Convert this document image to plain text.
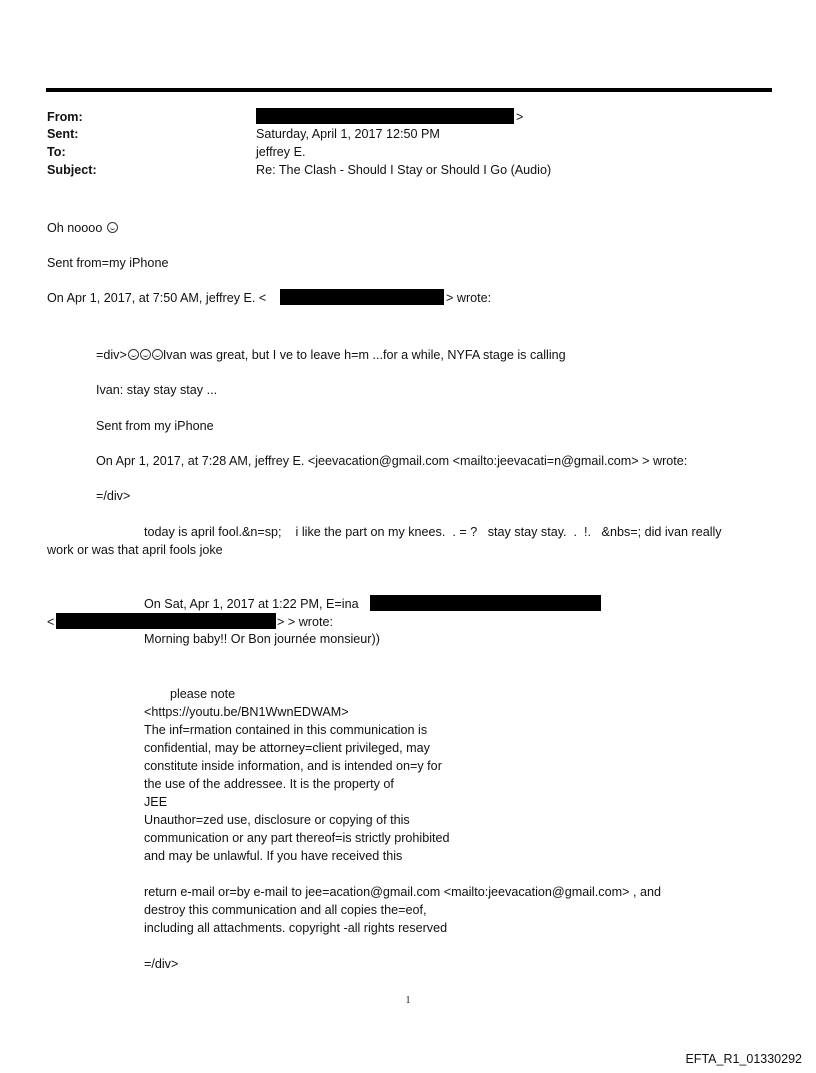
From:	>
Sent:	Saturday, April 1, 2017 12:50 PM
To:	jeffrey E.
Subject:	Re: The Clash - Should I Stay or Should I Go (Audio)
Oh noooo
Sent from=my iPhone
On Apr 1, 2017, at 7:50 AM, jeffrey E. <	> wrote:
=div>	Ivan was great, but I ve to leave h=m ...for a while, NYFA stage is calling
Ivan: stay stay stay ...
Sent from my iPhone
On Apr 1, 2017, at 7:28 AM, jeffrey E. <jeevacation@gmail.com <mailto:jeevacati=n@gmail.com> > wrote:
=/div>
today is april fool.&n=sp;    i like the part on my knees.  . = ?   stay stay stay.  .  !.   &nbs=; did ivan really
work or was that april fools joke
On Sat, Apr 1, 2017 at 1:22 PM, E=ina
<	> > wrote:
Morning baby!! Or Bon journée monsieur))
please note
<https://youtu.be/BN1WwnEDWAM>
The inf=rmation contained in this communication is
confidential, may be attorney=client privileged, may
constitute inside information, and is intended on=y for
the use of the addressee. It is the property of
JEE
Unauthor=zed use, disclosure or copying of this
communication or any part thereof=is strictly prohibited
and may be unlawful. If you have received this
return e-mail or=by e-mail to jee=acation@gmail.com <mailto:jeevacation@gmail.com> , and
destroy this communication and all copies the=eof,
including all attachments. copyright -all rights reserved
=/div>
1
EFTA_R1_01330292
